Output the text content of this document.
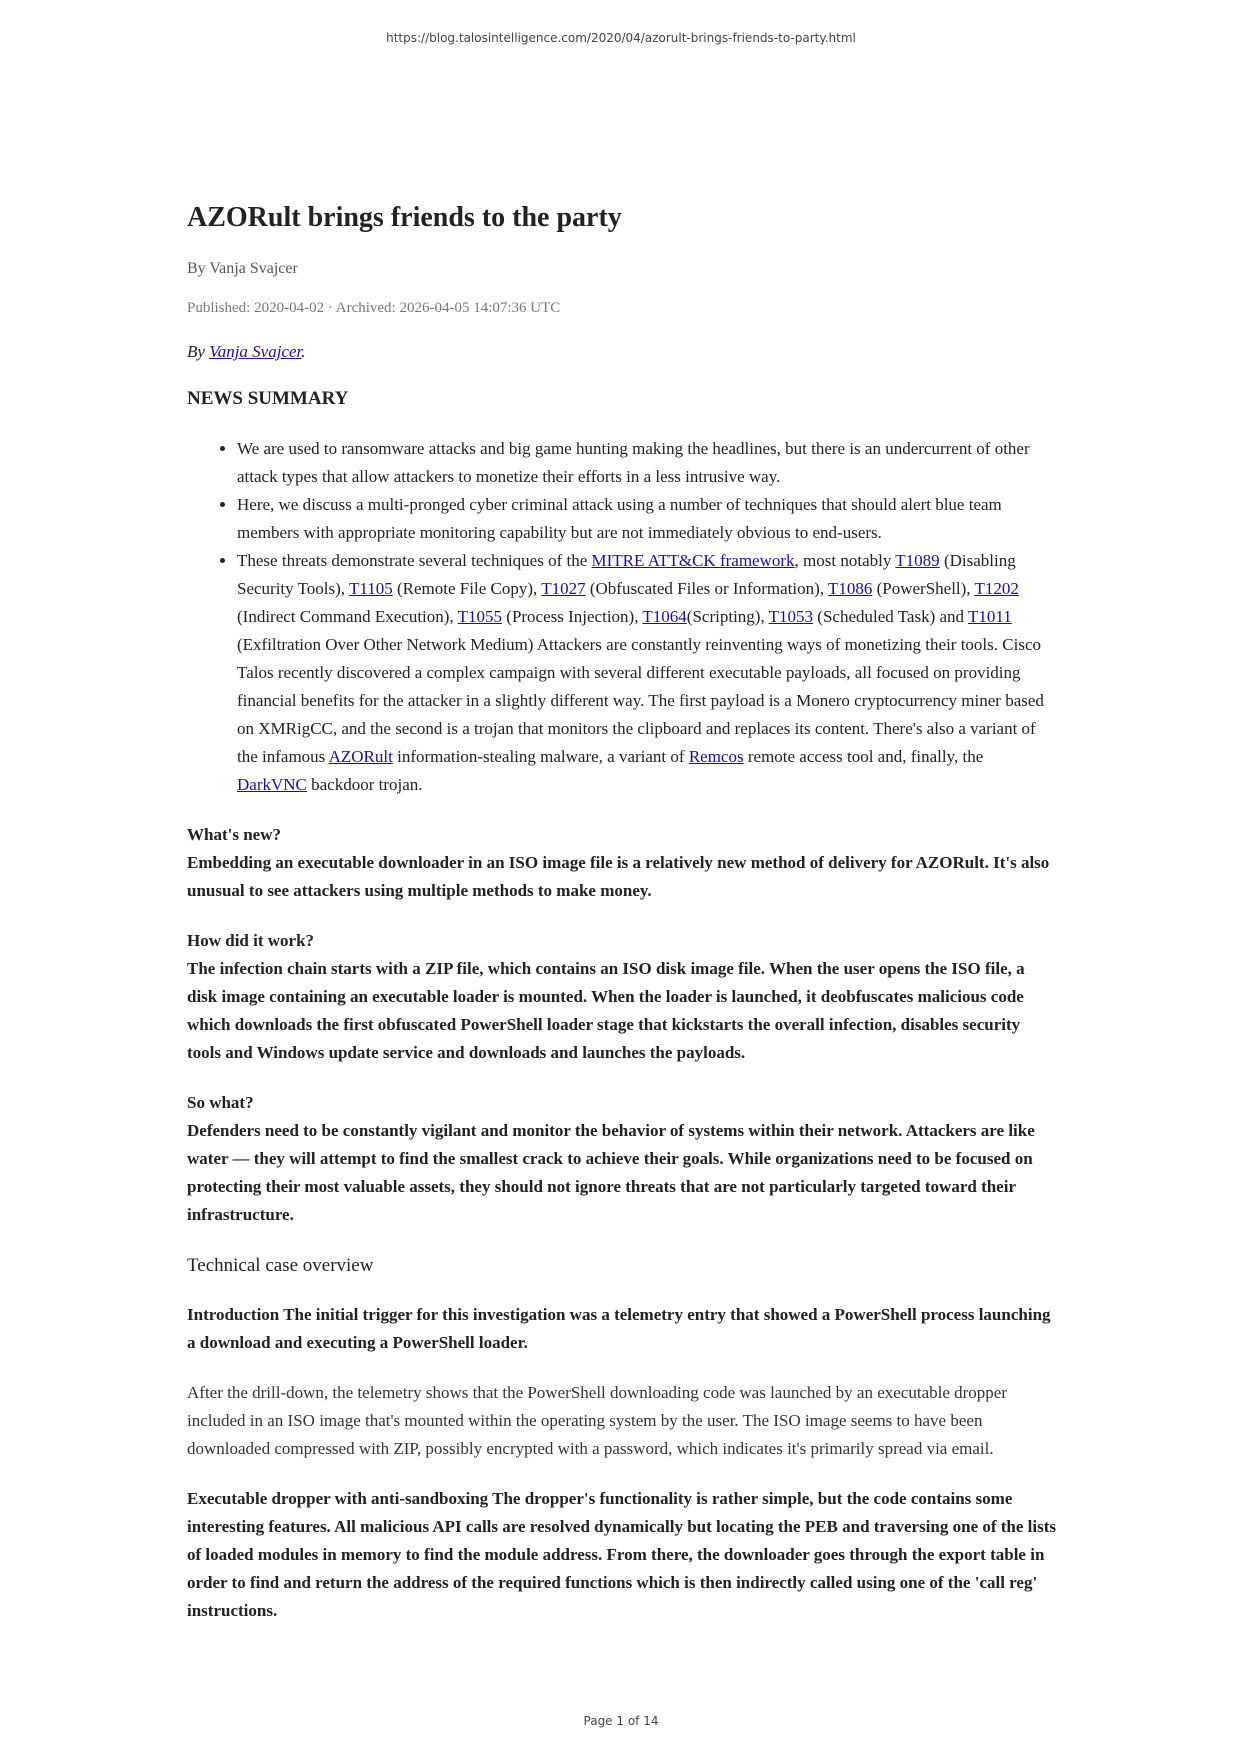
https://blog.talosintelligence.com/2020/04/azorult-brings-friends-to-party.html
AZORult brings friends to the party
By Vanja Svajcer
Published: 2020-04-02 · Archived: 2026-04-05 14:07:36 UTC
By Vanja Svajcer.
NEWS SUMMARY
• We are used to ransomware attacks and big game hunting making the headlines, but there is an undercurrent of other attack types that allow attackers to monetize their efforts in a less intrusive way.
• Here, we discuss a multi-pronged cyber criminal attack using a number of techniques that should alert blue team members with appropriate monitoring capability but are not immediately obvious to end-users.
• These threats demonstrate several techniques of the MITRE ATT&CK framework, most notably T1089 (Disabling Security Tools), T1105 (Remote File Copy), T1027 (Obfuscated Files or Information), T1086 (PowerShell), T1202 (Indirect Command Execution), T1055 (Process Injection), T1064(Scripting), T1053 (Scheduled Task) and T1011 (Exfiltration Over Other Network Medium) Attackers are constantly reinventing ways of monetizing their tools. Cisco Talos recently discovered a complex campaign with several different executable payloads, all focused on providing financial benefits for the attacker in a slightly different way. The first payload is a Monero cryptocurrency miner based on XMRigCC, and the second is a trojan that monitors the clipboard and replaces its content. There's also a variant of the infamous AZORult information-stealing malware, a variant of Remcos remote access tool and, finally, the DarkVNC backdoor trojan.
What's new?
Embedding an executable downloader in an ISO image file is a relatively new method of delivery for AZORult. It's also unusual to see attackers using multiple methods to make money.
How did it work?
The infection chain starts with a ZIP file, which contains an ISO disk image file. When the user opens the ISO file, a disk image containing an executable loader is mounted. When the loader is launched, it deobfuscates malicious code which downloads the first obfuscated PowerShell loader stage that kickstarts the overall infection, disables security tools and Windows update service and downloads and launches the payloads.
So what?
Defenders need to be constantly vigilant and monitor the behavior of systems within their network. Attackers are like water — they will attempt to find the smallest crack to achieve their goals. While organizations need to be focused on protecting their most valuable assets, they should not ignore threats that are not particularly targeted toward their infrastructure.
Technical case overview
Introduction The initial trigger for this investigation was a telemetry entry that showed a PowerShell process launching a download and executing a PowerShell loader.
After the drill-down, the telemetry shows that the PowerShell downloading code was launched by an executable dropper included in an ISO image that's mounted within the operating system by the user. The ISO image seems to have been downloaded compressed with ZIP, possibly encrypted with a password, which indicates it's primarily spread via email.
Executable dropper with anti-sandboxing The dropper's functionality is rather simple, but the code contains some interesting features. All malicious API calls are resolved dynamically but locating the PEB and traversing one of the lists of loaded modules in memory to find the module address. From there, the downloader goes through the export table in order to find and return the address of the required functions which is then indirectly called using one of the 'call reg' instructions.
Page 1 of 14
